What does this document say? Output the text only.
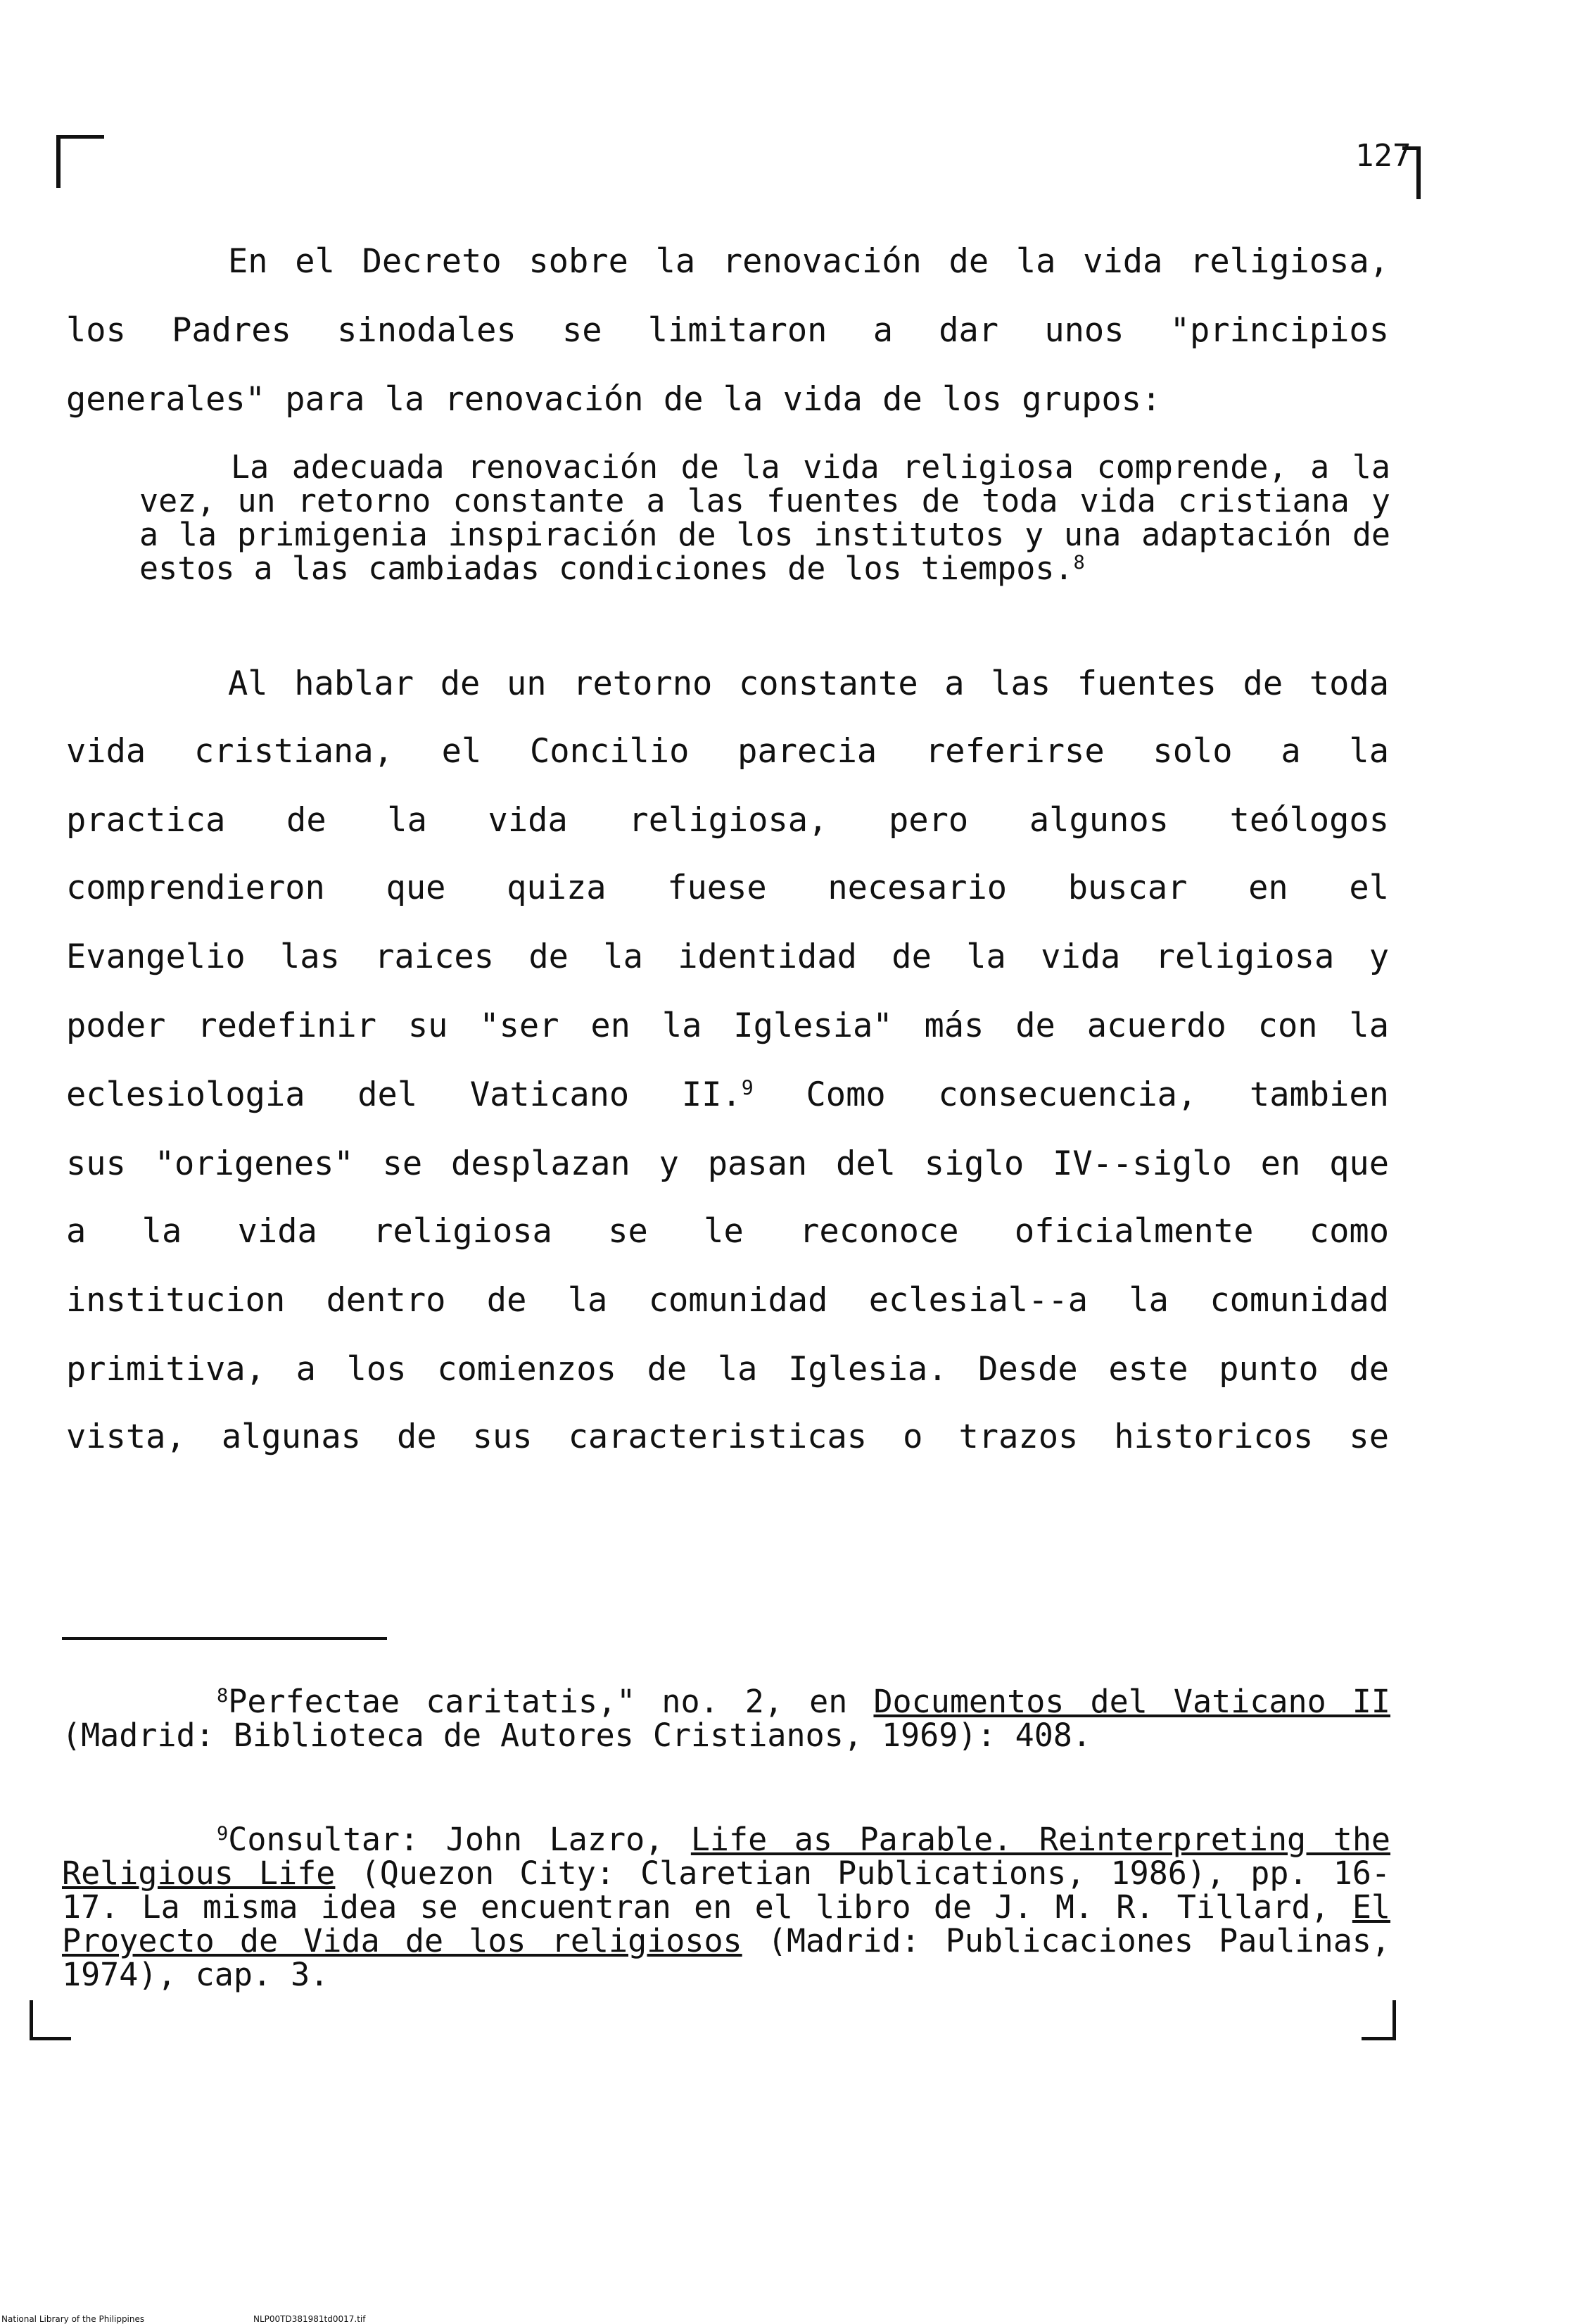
127
En el Decreto sobre la renovación de la vida religiosa,
los Padres sinodales se limitaron a dar unos "principios
generales" para la renovación de la vida de los grupos:

La adecuada renovación de la vida religiosa comprende, a la vez, un retorno constante a las fuentes de toda vida cristiana y a la primigenia inspiración de los institutos y una adaptación de estos a las cambiadas condiciones de los tiempos.$^8$

Al hablar de un retorno constante a las fuentes de toda
vida cristiana, el Concilio parecia referirse solo a la
practica de la vida religiosa, pero algunos teólogos
comprendieron que quiza fuese necesario buscar en el
Evangelio las raices de la identidad de la vida religiosa y
poder redefinir su "ser en la Iglesia" más de acuerdo con la
eclesiologia del Vaticano II.$^9$ Como consecuencia, tambien
sus "origenes" se desplazan y pasan del siglo IV--siglo en que
a la vida religiosa se le reconoce oficialmente como
institucion dentro de la comunidad eclesial--a la comunidad
primitiva, a los comienzos de la Iglesia. Desde este punto de
vista, algunas de sus caracteristicas o trazos historicos se

$^8$Perfectae caritatis," no. 2, en Documentos del Vaticano II (Madrid: Biblioteca de Autores Cristianos, 1969): 408.

$^9$Consultar: John Lazro, Life as Parable. Reinterpreting the Religious Life (Quezon City: Claretian Publications, 1986), pp. 16-17. La misma idea se encuentran en el libro de J. M. R. Tillard, El Proyecto de Vida de los religiosos (Madrid: Publicaciones Paulinas, 1974), cap. 3.

National Library of the Philippines	NLP00TD381981td0017.tif
